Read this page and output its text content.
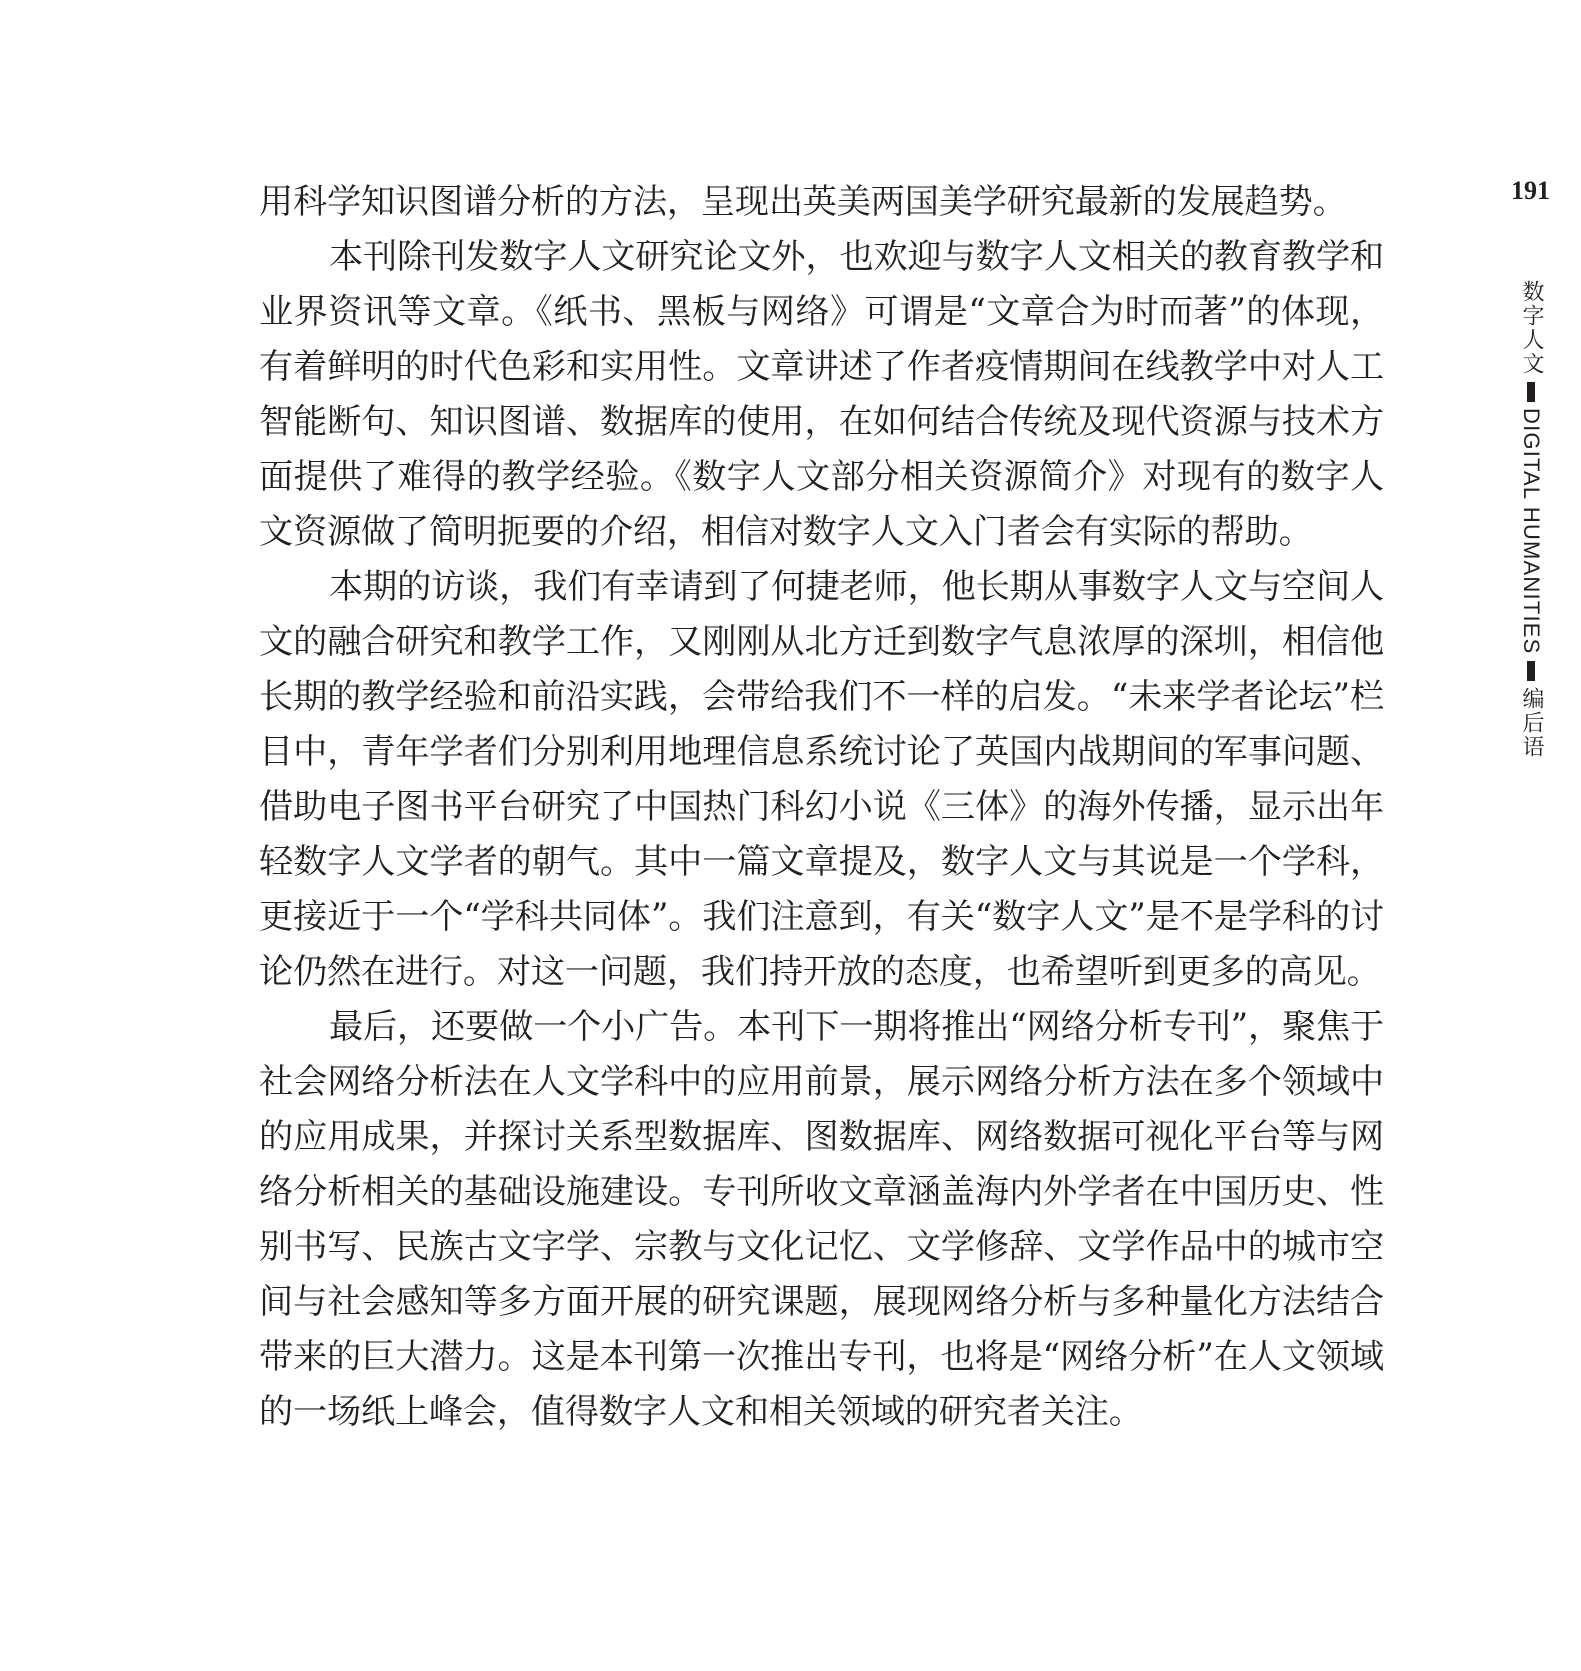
191
数字人文
DIGITAL HUMANITIES
编后语

用科学知识图谱分析的方法，呈现出英美两国美学研究最新的发展趋势。

本刊除刊发数字人文研究论文外，也欢迎与数字人文相关的教育教学和业界资讯等文章。《纸书、黑板与网络》可谓是“文章合为时而著”的体现，有着鲜明的时代色彩和实用性。文章讲述了作者疫情期间在线教学中对人工智能断句、知识图谱、数据库的使用，在如何结合传统及现代资源与技术方面提供了难得的教学经验。《数字人文部分相关资源简介》对现有的数字人文资源做了简明扼要的介绍，相信对数字人文入门者会有实际的帮助。

本期的访谈，我们有幸请到了何捷老师，他长期从事数字人文与空间人文的融合研究和教学工作，又刚刚从北方迁到数字气息浓厚的深圳，相信他长期的教学经验和前沿实践，会带给我们不一样的启发。“未来学者论坛”栏目中，青年学者们分别利用地理信息系统讨论了英国内战期间的军事问题、借助电子图书平台研究了中国热门科幻小说《三体》的海外传播，显示出年轻数字人文学者的朝气。其中一篇文章提及，数字人文与其说是一个学科，更接近于一个“学科共同体”。我们注意到，有关“数字人文”是不是学科的讨论仍然在进行。对这一问题，我们持开放的态度，也希望听到更多的高见。

最后，还要做一个小广告。本刊下一期将推出“网络分析专刊”，聚焦于社会网络分析法在人文学科中的应用前景，展示网络分析方法在多个领域中的应用成果，并探讨关系型数据库、图数据库、网络数据可视化平台等与网络分析相关的基础设施建设。专刊所收文章涵盖海内外学者在中国历史、性别书写、民族古文字学、宗教与文化记忆、文学修辞、文学作品中的城市空间与社会感知等多方面开展的研究课题，展现网络分析与多种量化方法结合带来的巨大潜力。这是本刊第一次推出专刊，也将是“网络分析”在人文领域的一场纸上峰会，值得数字人文和相关领域的研究者关注。
